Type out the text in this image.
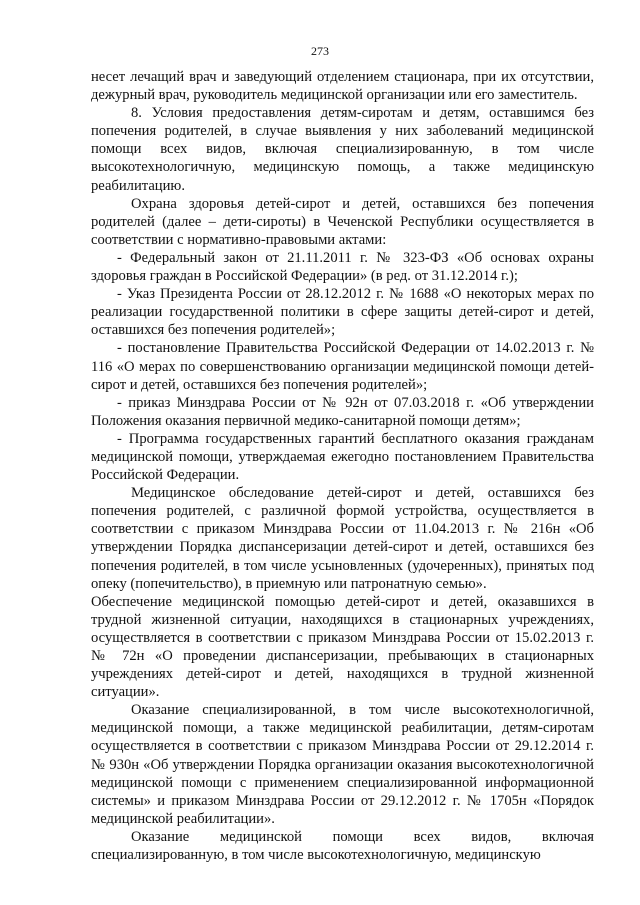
273

несет лечащий врач и заведующий отделением стационара, при их отсутствии, дежурный врач, руководитель медицинской организации или его заместитель.

8. Условия предоставления детям-сиротам и детям, оставшимся без попечения родителей, в случае выявления у них заболеваний медицинской помощи всех видов, включая специализированную, в том числе высокотехнологичную, медицинскую помощь, а также медицинскую реабилитацию.

Охрана здоровья детей-сирот и детей, оставшихся без попечения родителей (далее – дети-сироты) в Чеченской Республики осуществляется в соответствии с нормативно-правовыми актами:

- Федеральный закон от 21.11.2011 г. № 323-ФЗ «Об основах охраны здоровья граждан в Российской Федерации» (в ред. от 31.12.2014 г.);

- Указ Президента России от 28.12.2012 г. № 1688 «О некоторых мерах по реализации государственной политики в сфере защиты детей-сирот и детей, оставшихся без попечения родителей»;

- постановление Правительства Российской Федерации от 14.02.2013 г. № 116 «О мерах по совершенствованию организации медицинской помощи детей-сирот и детей, оставшихся без попечения родителей»;

- приказ Минздрава России от № 92н от 07.03.2018 г. «Об утверждении Положения оказания первичной медико-санитарной помощи детям»;

- Программа государственных гарантий бесплатного оказания гражданам медицинской помощи, утверждаемая ежегодно постановлением Правительства Российской Федерации.

Медицинское обследование детей-сирот и детей, оставшихся без попечения родителей, с различной формой устройства, осуществляется в соответствии с приказом Минздрава России от 11.04.2013 г. № 216н «Об утверждении Порядка диспансеризации детей-сирот и детей, оставшихся без попечения родителей, в том числе усыновленных (удочеренных), принятых под опеку (попечительство), в приемную или патронатную семью».

Обеспечение медицинской помощью детей-сирот и детей, оказавшихся в трудной жизненной ситуации, находящихся в стационарных учреждениях, осуществляется в соответствии с приказом Минздрава России от 15.02.2013 г. № 72н «О проведении диспансеризации, пребывающих в стационарных учреждениях детей-сирот и детей, находящихся в трудной жизненной ситуации».

Оказание специализированной, в том числе высокотехнологичной, медицинской помощи, а также медицинской реабилитации, детям-сиротам осуществляется в соответствии с приказом Минздрава России от 29.12.2014 г. № 930н «Об утверждении Порядка организации оказания высокотехнологичной медицинской помощи с применением специализированной информационной системы» и приказом Минздрава России от 29.12.2012 г. № 1705н «Порядок медицинской реабилитации».

Оказание медицинской помощи всех видов, включая специализированную, в том числе высокотехнологичную, медицинскую
